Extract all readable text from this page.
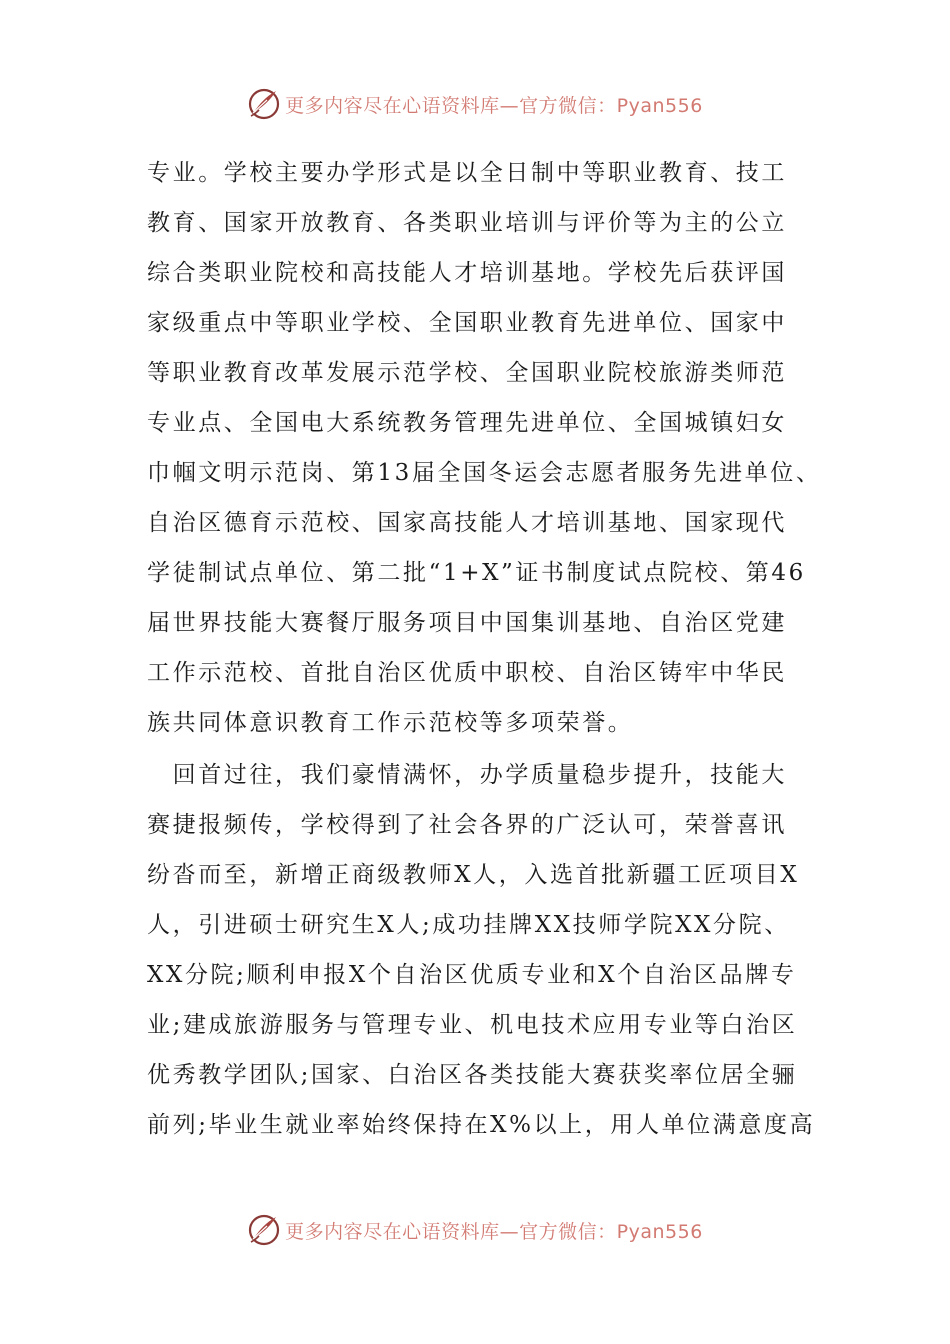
更多内容尽在心语资料库—官方微信：Pyan556
专业。学校主要办学形式是以全日制中等职业教育、技工
教育、国家开放教育、各类职业培训与评价等为主的公立
综合类职业院校和高技能人才培训基地。学校先后获评国
家级重点中等职业学校、全国职业教育先进单位、国家中
等职业教育改革发展示范学校、全国职业院校旅游类师范
专业点、全国电大系统教务管理先进单位、全国城镇妇女
巾帼文明示范岗、第13届全国冬运会志愿者服务先进单位、
自治区德育示范校、国家高技能人才培训基地、国家现代
学徒制试点单位、第二批“1+X”证书制度试点院校、第46
届世界技能大赛餐厅服务项目中国集训基地、自治区党建
工作示范校、首批自治区优质中职校、自治区铸牢中华民
族共同体意识教育工作示范校等多项荣誉。
　回首过往，我们豪情满怀，办学质量稳步提升，技能大
赛捷报频传，学校得到了社会各界的广泛认可，荣誉喜讯
纷沓而至，新增正商级教师X人，入选首批新疆工匠项目X
人，引进硕士研究生X人;成功挂牌XX技师学院XX分院、
XX分院;顺利申报X个自治区优质专业和X个自治区品牌专
业;建成旅游服务与管理专业、机电技术应用专业等白治区
优秀教学团队;国家、白治区各类技能大赛获奖率位居全骊
前列;毕业生就业率始终保持在X%以上，用人单位满意度高
更多内容尽在心语资料库—官方微信：Pyan556
